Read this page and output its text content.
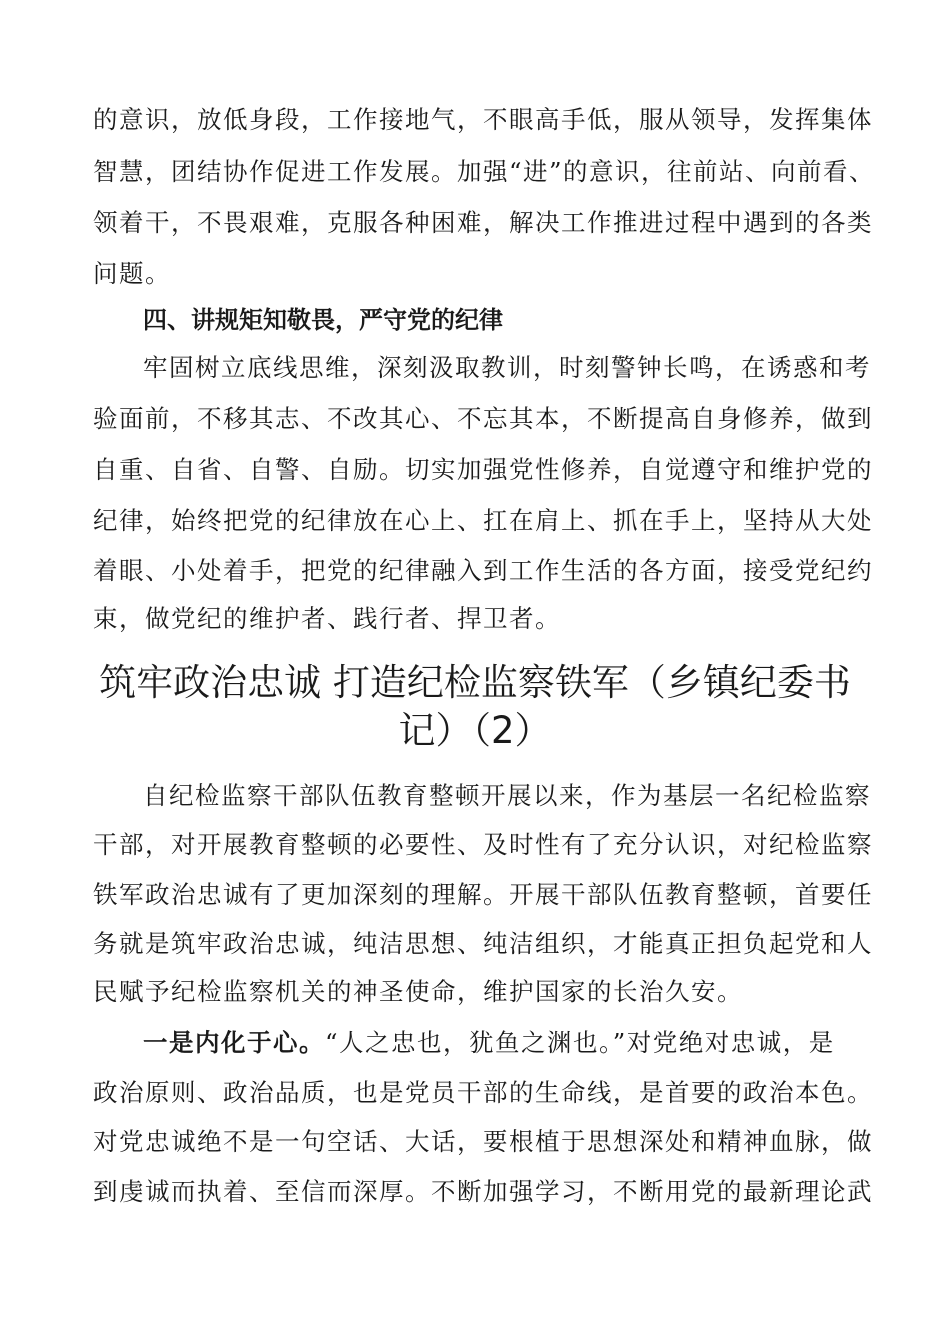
的意识，放低身段，工作接地气，不眼高手低，服从领导，发挥集体

智慧，团结协作促进工作发展。加强“进”的意识，往前站、向前看、

领着干，不畏艰难，克服各种困难，解决工作推进过程中遇到的各类

问题。

四、讲规矩知敬畏，严守党的纪律

牢固树立底线思维，深刻汲取教训，时刻警钟长鸣，在诱惑和考

验面前，不移其志、不改其心、不忘其本，不断提高自身修养，做到

自重、自省、自警、自励。切实加强党性修养，自觉遵守和维护党的

纪律，始终把党的纪律放在心上、扛在肩上、抓在手上，坚持从大处

着眼、小处着手，把党的纪律融入到工作生活的各方面，接受党纪约

束，做党纪的维护者、践行者、捍卫者。

筑牢政治忠诚 打造纪检监察铁军（乡镇纪委书
记）（2）

自纪检监察干部队伍教育整顿开展以来，作为基层一名纪检监察

干部，对开展教育整顿的必要性、及时性有了充分认识，对纪检监察

铁军政治忠诚有了更加深刻的理解。开展干部队伍教育整顿，首要任

务就是筑牢政治忠诚，纯洁思想、纯洁组织，才能真正担负起党和人

民赋予纪检监察机关的神圣使命，维护国家的长治久安。

一是内化于心。“人之忠也，犹鱼之渊也。”对党绝对忠诚，是

政治原则、政治品质，也是党员干部的生命线，是首要的政治本色。

对党忠诚绝不是一句空话、大话，要根植于思想深处和精神血脉，做

到虔诚而执着、至信而深厚。不断加强学习，不断用党的最新理论武
